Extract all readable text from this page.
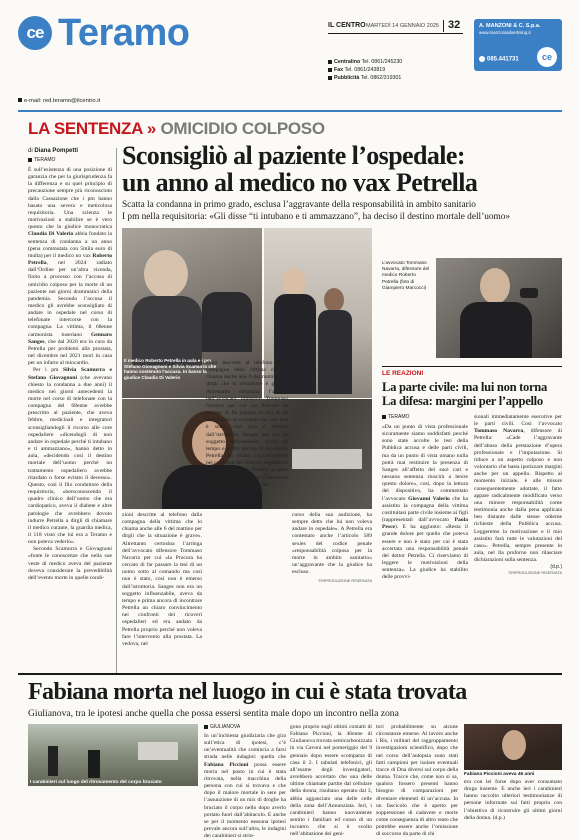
ce Teramo	IL CENTRO MARTEDÌ 14 GENNAIO 2025 32
Centralino Tel. 0861/245230
Fax Tel. 0861/243819
Pubblicità Tel. 0862/319301
A. MANZONI & C. S.p.a.
www.manzoniadvertising.it
085.441731	ce
e-mail: red.teramo@ilcentro.it
LA SENTENZA » OMICIDIO COLPOSO
di Diana Pompetti
TERAMO

È sull’esistenza di una posizione di garanzia che per la giurisprudenza fa la differenza e su quel principio di precauzione sempre più riconosciuto dalla Cassazione che i pm hanno basato una severa e meticolosa requisitoria. Una scienza le motivazioni a stabilire se è vero questo che la giudice monocratica Claudia Di Valerio abbia fondato la sentenza di condanna a un anno (pena commutata con 5mila euro di multa) per il medico no vax Roberto Petrella, nel 2024 radiato dall’Ordine per un’altra vicenda, finito a processo con l’accusa di omicidio colposo per la morte di un paziente nei giorni drammatici della pandemia. Secondo l’accusa il medico gli avrebbe sconsigliato di andare in ospedale nel corso di telefonate intercorse con la compagna. La vittima, il 68enne carmonista tuseriano Gennaro Sanges, che dal 2020 era in cura da Petrella per problemi alla prostata, nel dicembre nel 2021 morì in casa per un infarto al miocardio.

Per i pm Silvia Scamurra e Stefano Giovagnoni (che avevano chiesto la condanna a due anni) il medico nei giorni antecedenti la morte nel corso di telefonate con la compagna del 68enne avrebbe prescritto al paziente, che aveva febbre, medicinali e integratori sconsigliandogli il ricorso alle cure ospedaliere «dicendogli di non andare in ospedale perché ti intubano e ti ammazzano», hanno detto in aula, «decidendo così il destino mortale dell’uomo perché un trattamento ospedaliero avrebbe ritardato o forse evitato il decesso». Questo, così il filo conduttore della requisitoria, «bersconoscendo il quadro clinico dell’uomo che era cardiopatico, aveva il diabete e altre patologie che avrebbero dovuto indurre Petrella a dirgli di chiamare il medico curante, la guardia medica, il 118 visto che lui era a Teramo e non poteva vederlo».

Secondo Scamurra e Giovagnoni «fonte le conoscenze che nella sue veste di medico aveva del paziente doveva considerare la prevedibilità dell’evento morte in quelle condi-

Sconsigliò al paziente l’ospedale:
un anno al medico no vax Petrella
Scatta la condanna in primo grado, esclusa l’aggravante della responsabilità in ambito sanitario
I pm nella requisitoria: «Gli disse “ti intubano e ti ammazzano”, ha deciso il destino mortale dell’uomo»
Il medico Roberto Petrella in aula e i pm Stefano Giovagnoni e Silvia Scamurra che hanno sostenuto l’accusa. In basso la giudice Claudia Di Valerio
zioni descritte al telefono dalla compagna della vittima che lo chiama anche alle 6 del mattino per dirgli che la situazione è grave». Altrettanto certosina l’arringa dell’avvocato difensore Tommaso Navarra per cui «la Procura ha cercato di far passare la tesi di un uomo sotto al comando ma così non è stato, così non è emerso dall’istruttoria. Sanges non era un soggetto influenzabile, aveva da tempo e prima ancora di incontrare Petrella un chiaro convincimento nei confronti dei ricoveri ospedalieri ed era andato da Petrella proprio perché non voleva fare l’intervento alla prostata. La vedova, nel
corso della sua audizione, ha sempre detto che lui non voleva andare in ospedale». A Petrella era contestato anche l’articolo 589 sexies del codice penale «responsabilità colposa per la morte in ambito sanitario» un’aggravante che la giudice ha escluso.
©RIPRODUZIONE RISERVATA
zioni descritte al telefono dalla compagna della vittima che lo chiama anche alle 6 del mattino per dirgli che la situazione è grave». Altrettanto certosina l’arringa dell’avvocato difensore Tommaso Navarra per cui «la Procura ha cercato di far passare la tesi di un uomo sotto al comando ma così non è stato, così non è emerso dall’istruttoria. Sanges non era un soggetto influenzabile, aveva da tempo e prima ancora di incontrare Petrella un chiaro convincimento nei confronti dei ricoveri ospedalieri ed era andato da Petrella proprio perché non voleva fare l’intervento alla prostata. La vedova, nel
L’avvocato Tommaso Navarra, difensore del medico Roberto Petrella (foto di Giampiero Marcocci)
LE REAZIONI
La parte civile: ma lui non torna
La difesa: margini per l’appello
TERAMO
«Da un punto di vista professionale sicuramente siamo soddisfatti perché sono state accolte le tesi della Pubblica accusa e delle parti civili, ma da un punto di vista umano nulla potrà mai restituire la presenza di Sanges all’affetto dei suoi cari e nessuna sentenza riuscirà a lenire questo dolore», così, dopo la lettura del dispositivo, ha commentato l’avvocato Giovanni Valerio che ha assistito la compagna della vittima costituitasi parte civile insieme ai figli (rappresentati dall’avvocato Paola Pesce). E ha aggiunto: «Resta il grande dolore per quello che poteva essere e non è stato per cui è stata accertata una responsabilità penale del dottor Petrella. Ci riserviamo di leggere le motivazioni della sentenza». La giudice ha stabilito delle provvi-
sionali immediatamente esecutive per le parti civili. Così l’avvocato Tommaso Navarra, difensore di Petrella: «Cade l’aggravante dell’abuso della prestazione d’opera professionale e l’imputazione. Si riduce a un aspetto colposo e non volontario che basta ipotizzare margini anche per un appello. Rispetto al momento iniziale, è alle misure conseguentemente adottate, il fatto appare radicalmente modificato verso una minore responsabilità come testimonia anche dalla pena applicata ben distante dalle stesse odierne richieste della Pubblica accusa. Leggeremo la motivazione e il mio assistito farà tutte le valutazioni del caso». Petrella, sempre presente in aula, nel lla proforno non rilasciare dichiarazioni sulla sentenza.
(d.p.)
©RIPRODUZIONE RISERVATA
Fabiana morta nel luogo in cui è stata trovata
Giulianova, tra le ipotesi anche quella che possa essersi sentita male dopo un incontro nella zona
I carabinieri sul luogo del ritrovamento del corpo bruciato
GIULIANOVA
In un’inchiesta giudiziaria che gira sull’etica di ipotesi, c’è un’eventualità che comincia a farsi strada nelle indagini: quella che Fabiana Piccioni possa essere morta nel posto in cui è stata ritrovata, nella macchina della persona con cui si trovava e che dopo il malore mortale in sere per l’assunzione di un mix di droghe ha bruciato il corpo nello dopo averlo portato fuori dall’abitacolo. E anche se per il momento nessuna ipotesi prevale ancora sull’altra, le indagini dei carabinieri si strin-
gono proprio sugli ultimi contatti di Fabiana Piccioni, la 46enne di Giulianova trovata semicarbonizzata in via Cavoni nel pomeriggio del 9 gennaio dopo essere scomparsa di casa il 2. I tabulati telefonici, gli all’esame degli investigatori, avrebbero accertato che una delle ultime chiamate partite dal cellulare della donna, risultano operato dal 3, abbia agganciato una delle celle della zona dell’Annunziata. Ieri, i carabinieri hanno nuovamente sentito i familiari ed conso di un incontro che si è svolto nell’abitazione dei geni-
tori probabilmente su alcune circostanze emerse. Al lavoro anche i Ris, i militari del raggruppamento investigazioni scientifico, dopo che nel corso dell’autopsia sono stati fatti campioni per isolare eventuali tracce di Dna diversi sul corpo della donna. Tracce che, come non si sa, qualora fossero presenti hanno bisogno di comparazioni per diventare elementi di un’accusa. In un fascicolo che è aperto per soppressione di cadavere e morte come conseguenza di altro reato che potrebbe essere anche l’omissione di soccorso da parte di chi
Fabiana Piccioni aveva 46 anni
era con lei forse dopo aver consumato droga insieme. E anche ieri i carabinieri hanno raccolto ulteriori testimonianze di persone informate sui fatti proprio con l’obiettivo di ricostruire gli ultimi giorni della donna. (d.p.)
